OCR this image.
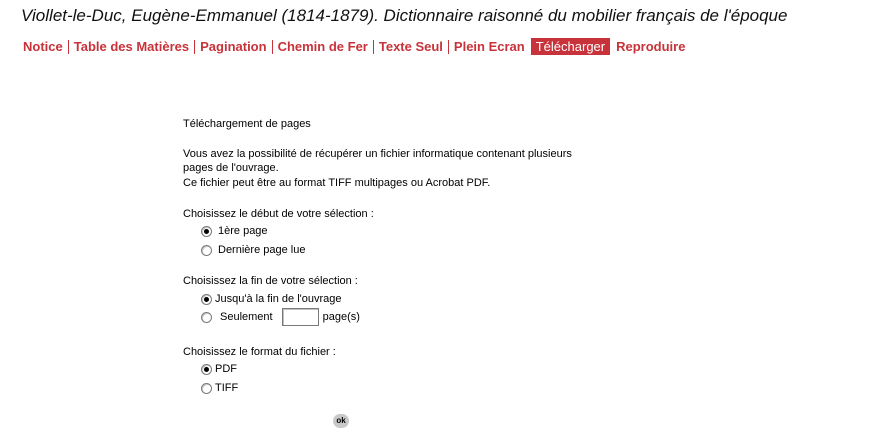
Viollet-le-Duc, Eugène-Emmanuel (1814-1879). Dictionnaire raisonné du mobilier français de l'époque
Notice Table des Matières Pagination Chemin de Fer Texte Seul Plein Ecran Télécharger Reproduire
Téléchargement de pages
Vous avez la possibilité de récupérer un fichier informatique contenant plusieurs
pages de l'ouvrage.
Ce fichier peut être au format TIFF multipages ou Acrobat PDF.
Choisissez le début de votre sélection :
1ère page
Dernière page lue
Choisissez la fin de votre sélection :
Jusqu'à la fin de l'ouvrage
Seulement	page(s)
Choisissez le format du fichier :
PDF
TIFF
ok
